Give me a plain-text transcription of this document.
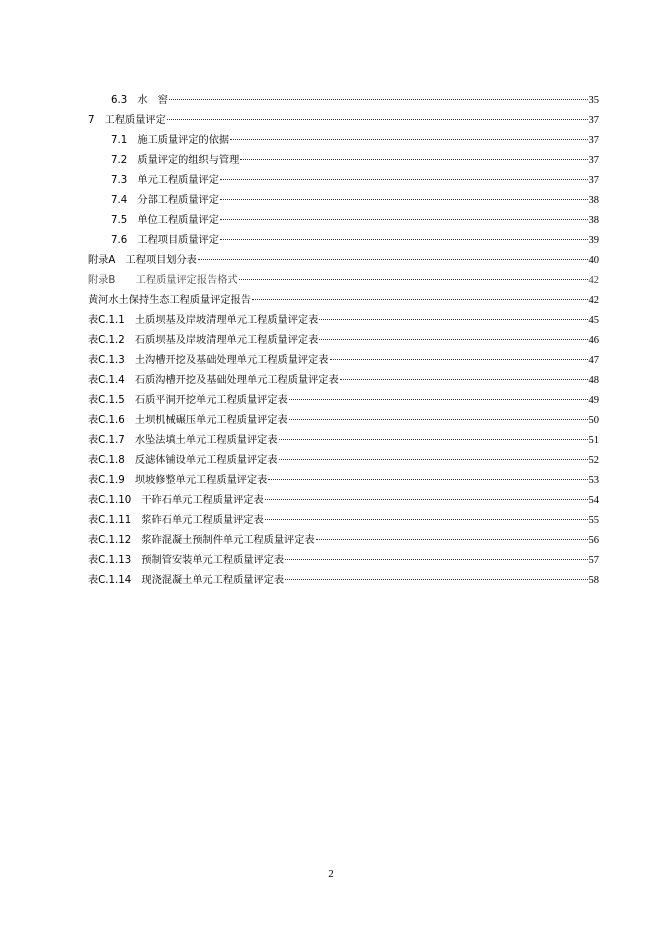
6.3　水　窖	35
7　工程质量评定	37
7.1　施工质量评定的依据	37
7.2　质量评定的组织与管理	37
7.3　单元工程质量评定	37
7.4　分部工程质量评定	38
7.5　单位工程质量评定	38
7.6　工程项目质量评定	39
附录A　工程项目划分表	40
附录B　　工程质量评定报告格式	42
黄河水土保持生态工程质量评定报告	42
表C.1.1　土质坝基及岸坡清理单元工程质量评定表	45
表C.1.2　石质坝基及岸坡清理单元工程质量评定表	46
表C.1.3　土沟槽开挖及基础处理单元工程质量评定表	47
表C.1.4　石质沟槽开挖及基础处理单元工程质量评定表	48
表C.1.5　石质平洞开挖单元工程质量评定表	49
表C.1.6　土坝机械碾压单元工程质量评定表	50
表C.1.7　水坠法填土单元工程质量评定表	51
表C.1.8　反滤体铺设单元工程质量评定表	52
表C.1.9　坝坡修整单元工程质量评定表	53
表C.1.10　干砟石单元工程质量评定表	54
表C.1.11　浆砟石单元工程质量评定表	55
表C.1.12　浆砟混凝土预制件单元工程质量评定表	56
表C.1.13　预制管安装单元工程质量评定表	57
表C.1.14　现浇混凝土单元工程质量评定表	58
2
